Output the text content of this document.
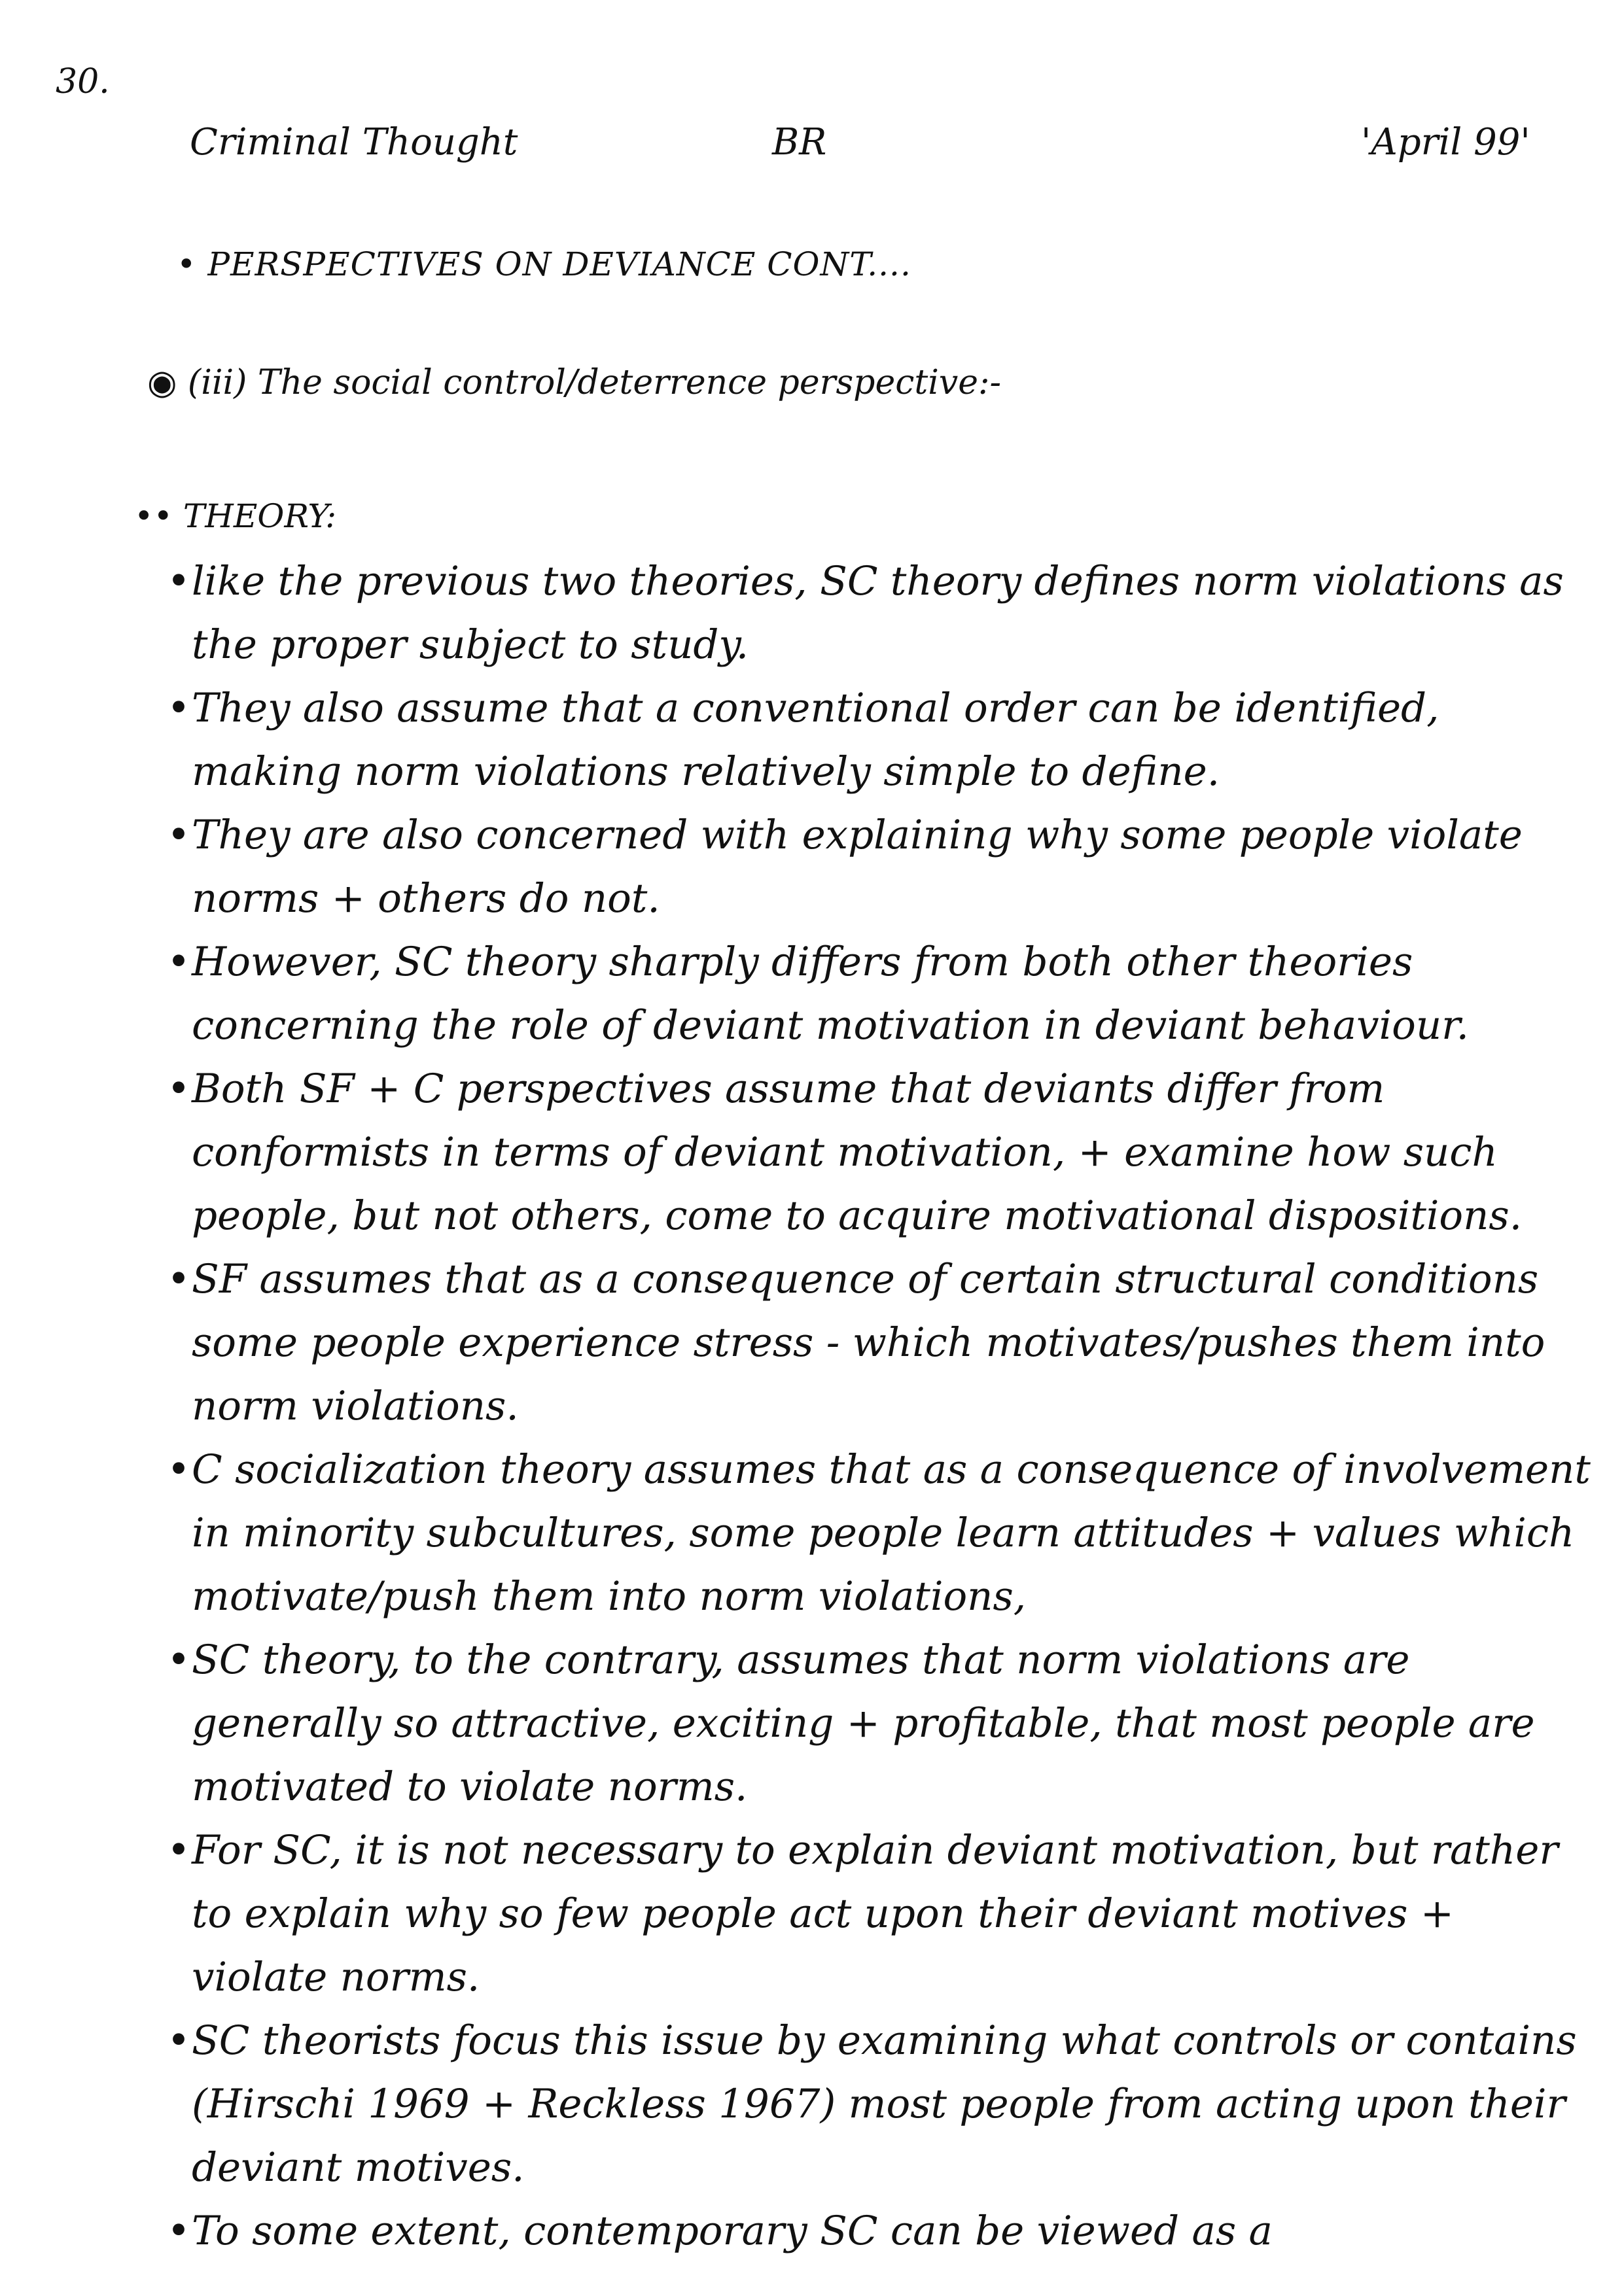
30.
Criminal Thought	BR	'April 99'
• PERSPECTIVES ON DEVIANCE CONT....
◉ (iii) The social control/deterrence perspective:-
•• THEORY:
• like the previous two theories, SC theory defines norm violations as the proper subject to study.
• They also assume that a conventional order can be identified, making norm violations relatively simple to define.
• They are also concerned with explaining why some people violate norms + others do not.
• However, SC theory sharply differs from both other theories concerning the role of deviant motivation in deviant behaviour.
• Both SF + C perspectives assume that deviants differ from conformists in terms of deviant motivation, + examine how such people, but not others, come to acquire motivational dispositions.
• SF assumes that as a consequence of certain structural conditions some people experience stress - which motivates/pushes them into norm violations.
• C socialization theory assumes that as a consequence of involvement in minority subcultures, some people learn attitudes + values which motivate/push them into norm violations,
• SC theory, to the contrary, assumes that norm violations are generally so attractive, exciting + profitable, that most people are motivated to violate norms.
• For SC, it is not necessary to explain deviant motivation, but rather to explain why so few people act upon their deviant motives + violate norms.
• SC theorists focus this issue by examining what controls or contains (Hirschi 1969 + Reckless 1967) most people from acting upon their deviant motives.
• To some extent, contemporary SC can be viewed as a
